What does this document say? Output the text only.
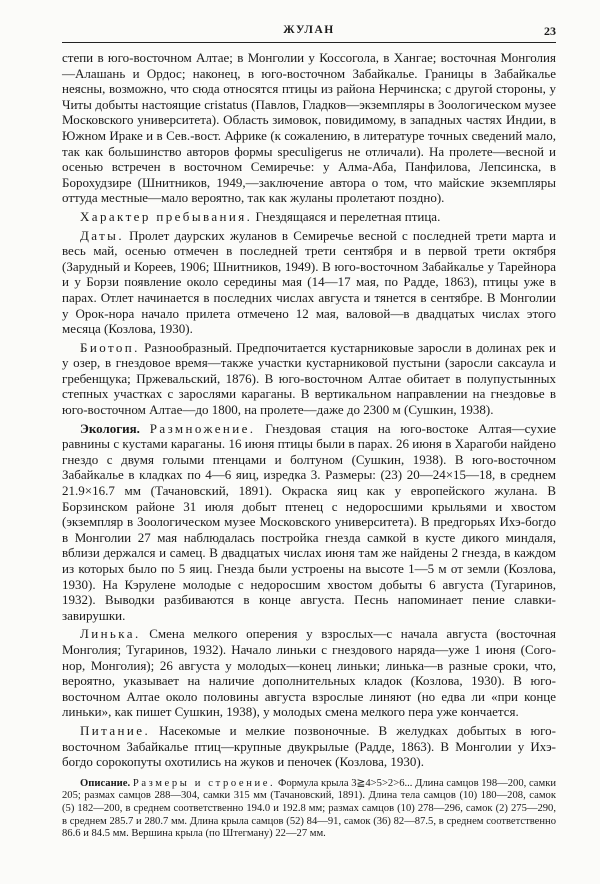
ЖУЛАН	23

степи в юго-восточном Алтае; в Монголии у Коссогола, в Хангае; восточная Монголия—Алашань и Ордос; наконец, в юго-восточном Забайкалье. Границы в Забайкалье неясны, возможно, что сюда относятся птицы из района Нерчинска; с другой стороны, у Читы добыты настоящие cristatus (Павлов, Гладков—экземпляры в Зоологическом музее Московского университета). Область зимовок, повидимому, в западных частях Индии, в Южном Ираке и в Сев.-вост. Африке (к сожалению, в литературе точных сведений мало, так как большинство авторов формы speculigerus не отличали). На пролете—весной и осенью встречен в восточном Семиречье: у Алма-Аба, Панфилова, Лепсинска, в Борохудзире (Шнитников, 1949,—заключение автора о том, что майские экземпляры оттуда местные—мало вероятно, так как жуланы пролетают поздно).

Характер пребывания. Гнездящаяся и перелетная птица.

Даты. Пролет даурских жуланов в Семиречье весной с последней трети марта и весь май, осенью отмечен в последней трети сентября и в первой трети октября (Зарудный и Кореев, 1906; Шнитников, 1949). В юго-восточном Забайкалье у Тарейнора и у Борзи появление около середины мая (14—17 мая, по Радде, 1863), птицы уже в парах. Отлет начинается в последних числах августа и тянется в сентябре. В Монголии у Орок-нора начало прилета отмечено 12 мая, валовой—в двадцатых числах этого месяца (Козлова, 1930).

Биотоп. Разнообразный. Предпочитается кустарниковые заросли в долинах рек и у озер, в гнездовое время—также участки кустарниковой пустыни (заросли саксаула и гребенщука; Пржевальский, 1876). В юго-восточном Алтае обитает в полупустынных степных участках с зарослями караганы. В вертикальном направлении на гнездовье в юго-восточном Алтае—до 1800, на пролете—даже до 2300 м (Сушкин, 1938).

Экология. Размножение. Гнездовая стация на юго-востоке Алтая—сухие равнины с кустами караганы. 16 июня птицы были в парах. 26 июня в Харагоби найдено гнездо с двумя голыми птенцами и болтуном (Сушкин, 1938). В юго-восточном Забайкалье в кладках по 4—6 яиц, изредка 3. Размеры: (23) 20—24×15—18, в среднем 21.9×16.7 мм (Тачановский, 1891). Окраска яиц как у европейского жулана. В Борзинском районе 31 июля добыт птенец с недоросшими крыльями и хвостом (экземпляр в Зоологическом музее Московского университета). В предгорьях Ихэ-богдо в Монголии 27 мая наблюдалась постройка гнезда самкой в кусте дикого миндаля, вблизи держался и самец. В двадцатых числах июня там же найдены 2 гнезда, в каждом из которых было по 5 яиц. Гнезда были устроены на высоте 1—5 м от земли (Козлова, 1930). На Кэрулене молодые с недоросшим хвостом добыты 6 августа (Тугаринов, 1932). Выводки разбиваются в конце августа. Песнь напоминает пение славки-завирушки.

Линька. Смена мелкого оперения у взрослых—с начала августа (восточная Монголия; Тугаринов, 1932). Начало линьки с гнездового наряда—уже 1 июня (Сого-нор, Монголия); 26 августа у молодых—конец линьки; линька—в разные сроки, что, вероятно, указывает на наличие дополнительных кладок (Козлова, 1930). В юго-восточном Алтае около половины августа взрослые линяют (но едва ли «при конце линьки», как пишет Сушкин, 1938), у молодых смена мелкого пера уже кончается.

Питание. Насекомые и мелкие позвоночные. В желудках добытых в юго-восточном Забайкалье птиц—крупные двукрылые (Радде, 1863). В Монголии у Ихэ-богдо сорокопуты охотились на жуков и пеночек (Козлова, 1930).

Описание. Размеры и строение. Формула крыла 3≧4>5>2>6... Длина самцов 198—200, самки 205; размах самцов 288—304, самки 315 мм (Тачановский, 1891). Длина тела самцов (10) 180—208, самок (5) 182—200, в среднем соответственно 194.0 и 192.8 мм; размах самцов (10) 278—296, самок (2) 275—290, в среднем 285.7 и 280.7 мм. Длина крыла самцов (52) 84—91, самок (36) 82—87.5, в среднем соответственно 86.6 и 84.5 мм. Вершина крыла (по Штегману) 22—27 мм.
